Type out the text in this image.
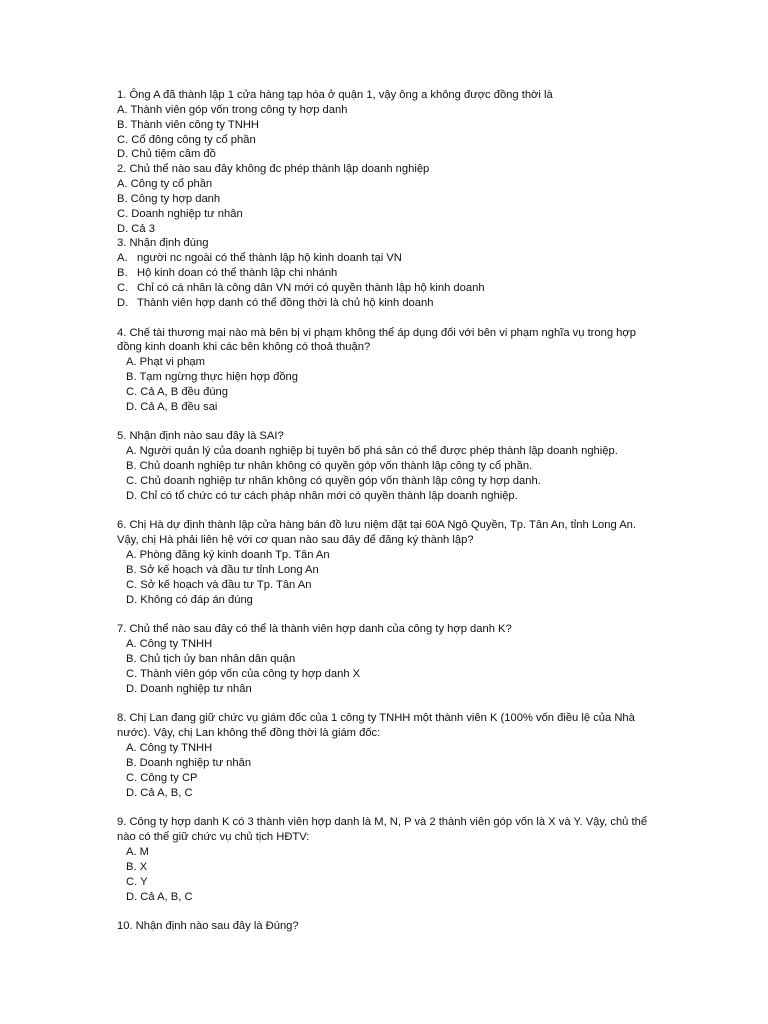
1. Ông A đã thành lập 1 cửa hàng tạp hóa ở quận 1, vậy ông a không được đồng thời là
A. Thành viên góp vốn trong công ty hợp danh
B. Thành viên công ty TNHH
C. Cổ đông công ty cổ phần
D. Chủ tiệm cầm đồ
2. Chủ thể nào sau đây không đc phép thành lập doanh nghiệp
A. Công ty cổ phần
B. Công ty hợp danh
C. Doanh nghiệp tư nhân
D. Cả 3
3. Nhận định đúng
A. người nc ngoài có thể thành lập hộ kinh doanh tại VN
B. Hộ kinh doan có thể thành lập chi nhánh
C. Chỉ có cá nhân là công dân VN mới có quyền thành lập hộ kinh doanh
D. Thành viên hợp danh có thể đồng thời là chủ hộ kinh doanh
4. Chế tài thương mại nào mà bên bị vi phạm không thể áp dụng đối với bên vi phạm nghĩa vụ trong hợp đồng kinh doanh khi các bên không có thoả thuận?
A. Phạt vi phạm
B. Tạm ngừng thực hiện hợp đồng
C. Cả A, B đều đúng
D. Cả A, B đều sai
5. Nhận định nào sau đây là SAI?
A. Người quản lý của doanh nghiệp bị tuyên bố phá sản có thể được phép thành lập doanh nghiệp.
B. Chủ doanh nghiệp tư nhân không có quyền góp vốn thành lập công ty cổ phần.
C. Chủ doanh nghiệp tư nhân không có quyền góp vốn thành lập công ty hợp danh.
D. Chỉ có tổ chức có tư cách pháp nhân mới có quyền thành lập doanh nghiệp.
6. Chị Hà dự định thành lập cửa hàng bán đồ lưu niệm đặt tại 60A Ngô Quyền, Tp. Tân An, tỉnh Long An. Vậy, chị Hà phải liên hệ với cơ quan nào sau đây để đăng ký thành lập?
A. Phòng đăng ký kinh doanh Tp. Tân An
B. Sở kế hoạch và đầu tư tỉnh Long An
C. Sở kế hoạch và đầu tư Tp. Tân An
D. Không có đáp án đúng
7. Chủ thể nào sau đây có thể là thành viên hợp danh của công ty hợp danh K?
A. Công ty TNHH
B. Chủ tịch ủy ban nhân dân quận
C. Thành viên góp vốn của công ty hợp danh X
D. Doanh nghiệp tư nhân
8. Chị Lan đang giữ chức vụ giám đốc của 1 công ty TNHH một thành viên K (100% vốn điều lệ của Nhà nước). Vậy, chị Lan không thể đồng thời là giám đốc:
A. Công ty TNHH
B. Doanh nghiệp tư nhân
C. Công ty CP
D. Cả A, B, C
9. Công ty hợp danh K có 3 thành viên hợp danh là M, N, P và 2 thành viên góp vốn là X và Y. Vậy, chủ thể nào có thể giữ chức vụ chủ tịch HĐTV:
A. M
B. X
C. Y
D. Cả A, B, C
10. Nhận định nào sau đây là Đúng?
